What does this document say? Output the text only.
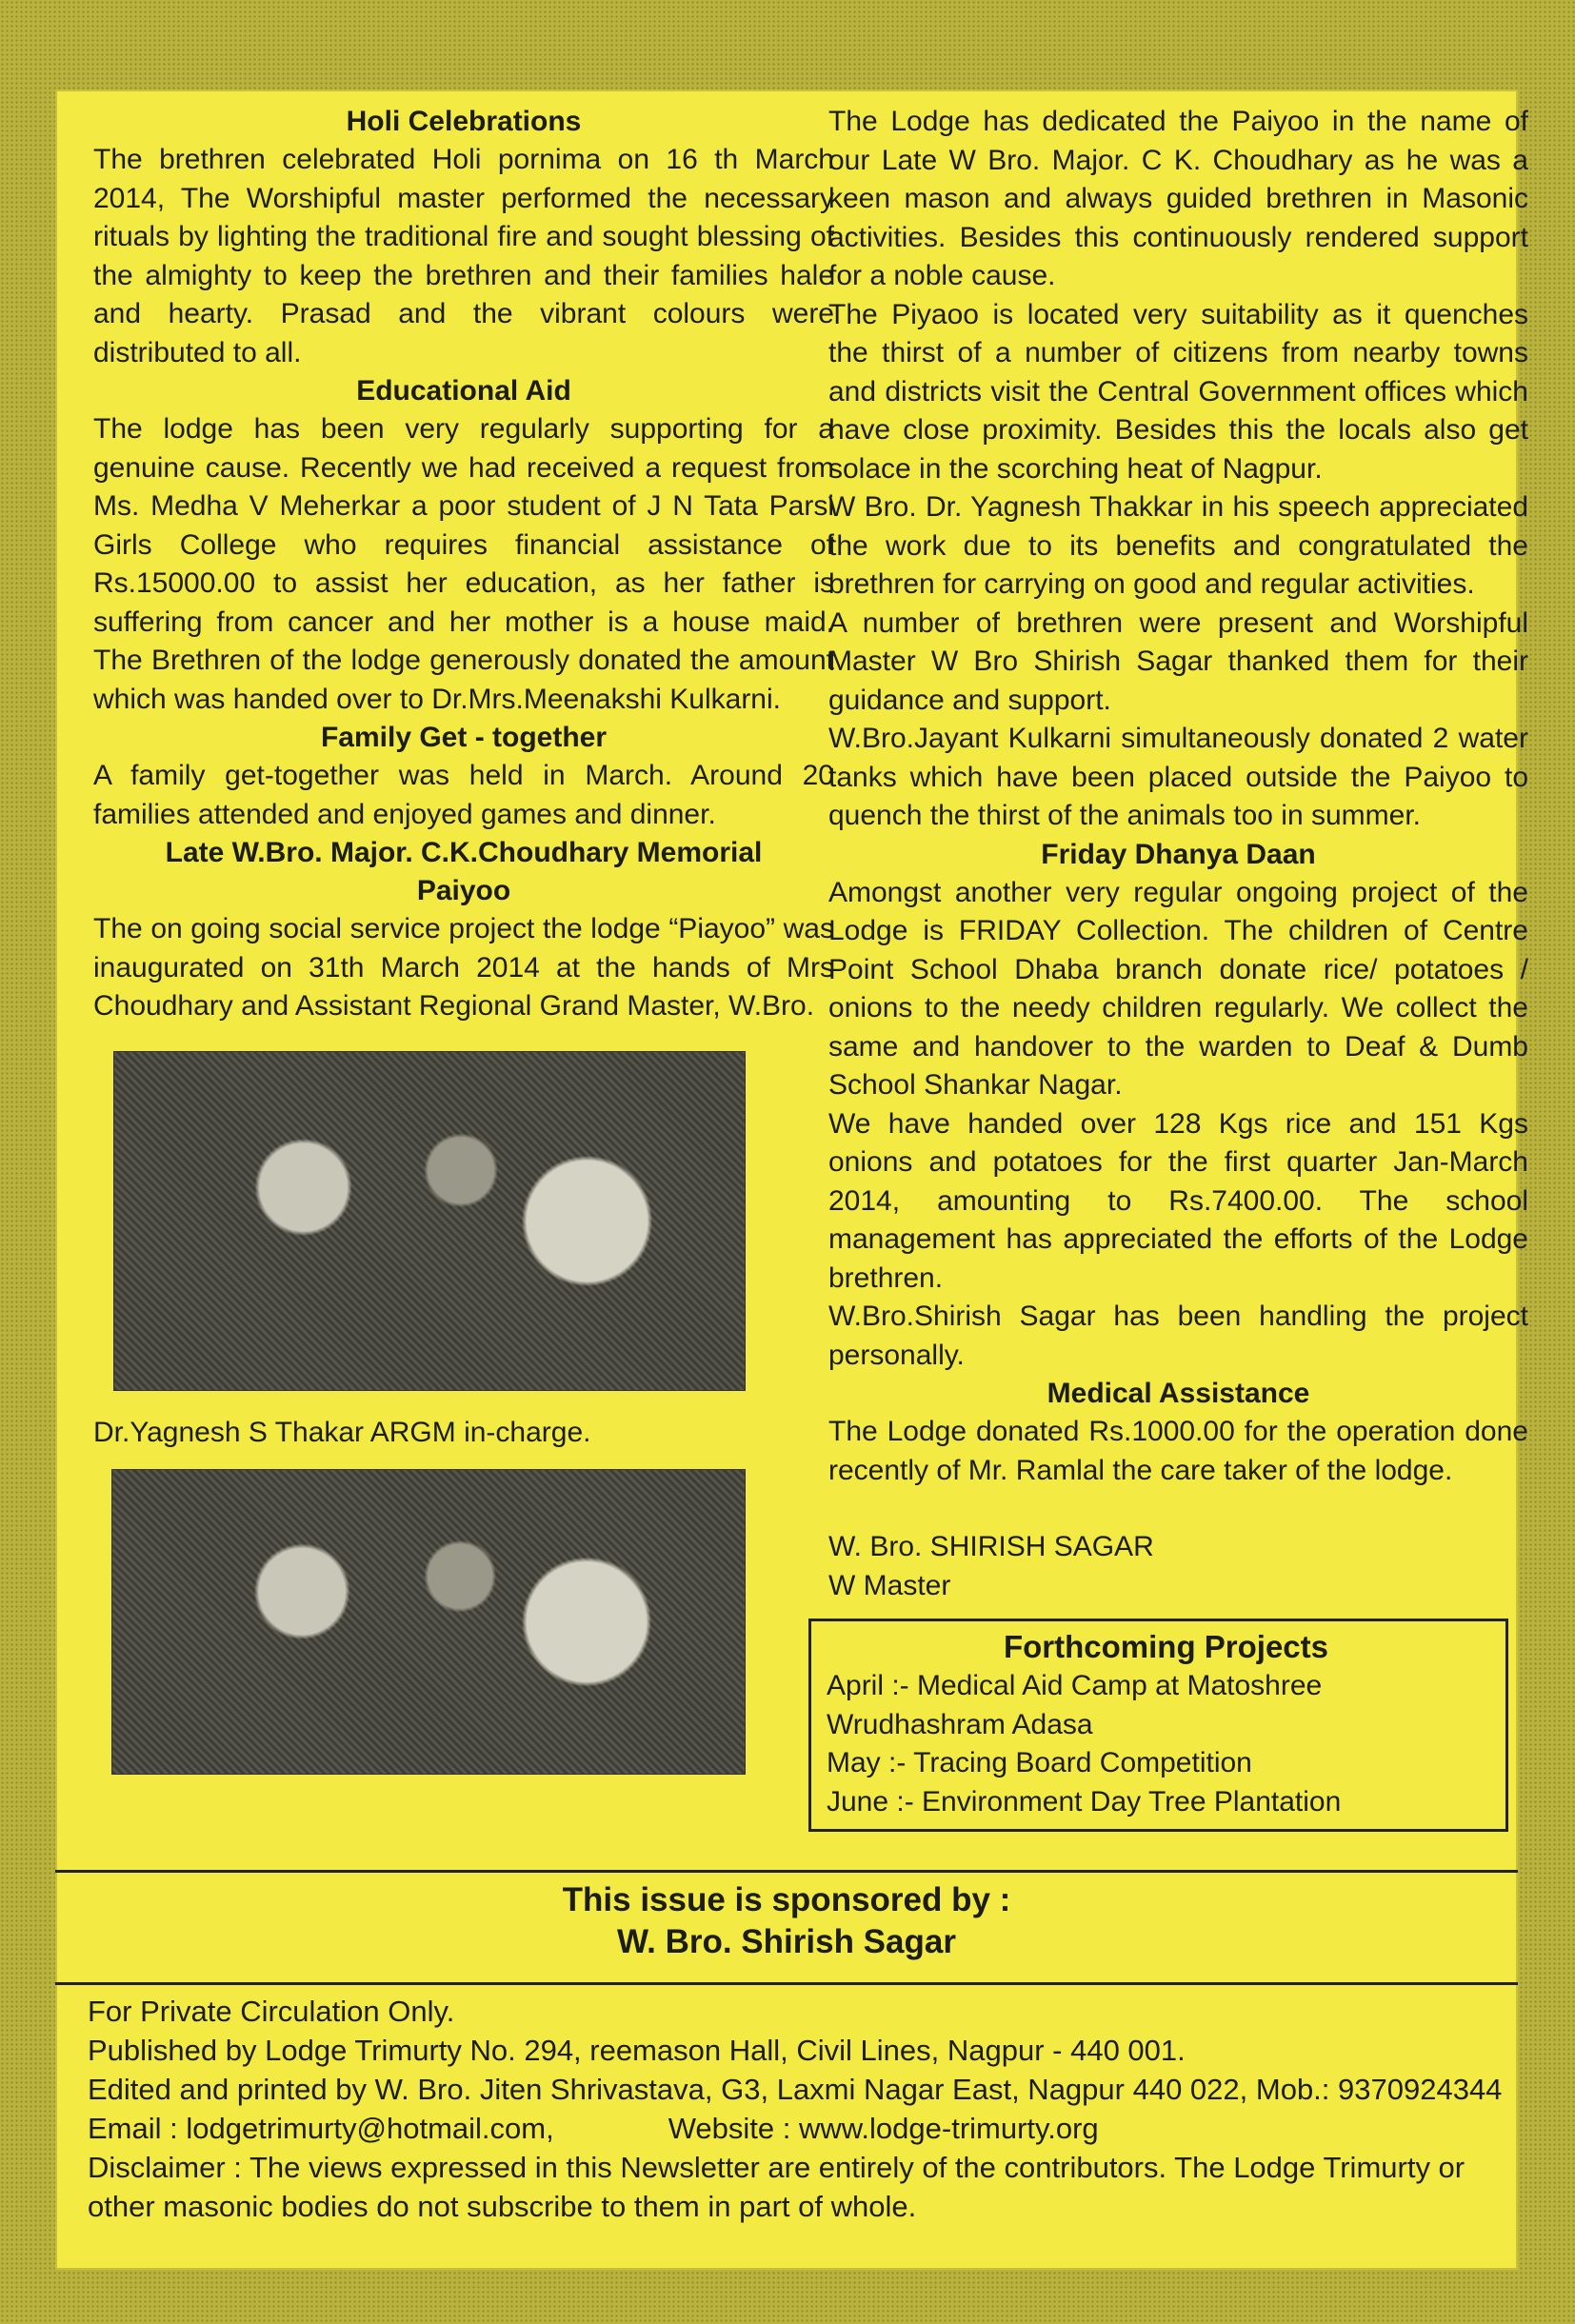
Holi Celebrations

The brethren celebrated Holi pornima on 16 th March 2014, The Worshipful master performed the necessary rituals by lighting the traditional fire and sought blessing of the almighty to keep the brethren and their families hale and hearty. Prasad and the vibrant colours were distributed to all.

Educational Aid

The lodge has been very regularly supporting for a genuine cause. Recently we had received a request from Ms. Medha V Meherkar a poor student of J N Tata Parsi Girls College who requires financial assistance of Rs.15000.00 to assist her education, as her father is suffering from cancer and her mother is a house maid. The Brethren of the lodge generously donated the amount which was handed over to Dr.Mrs.Meenakshi Kulkarni.

Family Get - together

A family get-together was held in March. Around 20 families attended and enjoyed games and dinner.

Late W.Bro. Major. C.K.Choudhary Memorial
Paiyoo

The on going social service project the lodge “Piayoo” was inaugurated on 31th March 2014 at the hands of Mrs Choudhary and Assistant Regional Grand Master, W.Bro.

Dr.Yagnesh S Thakar ARGM in-charge.

The Lodge has dedicated the Paiyoo in the name of our Late W Bro. Major. C K. Choudhary as he was a keen mason and always guided brethren in Masonic activities. Besides this continuously rendered support for a noble cause.

The Piyaoo is located very suitability as it quenches the thirst of a number of citizens from nearby towns and districts visit the Central Government offices which have close proximity. Besides this the locals also get solace in the scorching heat of Nagpur.

W Bro. Dr. Yagnesh Thakkar in his speech appreciated the work due to its benefits and congratulated the brethren for carrying on good and regular activities.

A number of brethren were present and Worshipful Master W Bro Shirish Sagar thanked them for their guidance and support.

W.Bro.Jayant Kulkarni simultaneously donated 2 water tanks which have been placed outside the Paiyoo to quench the thirst of the animals too in summer.

Friday Dhanya Daan

Amongst another very regular ongoing project of the Lodge is FRIDAY Collection. The children of Centre Point School Dhaba branch donate rice/ potatoes / onions to the needy children regularly. We collect the same and handover to the warden to Deaf & Dumb School Shankar Nagar.

We have handed over 128 Kgs rice and 151 Kgs onions and potatoes for the first quarter Jan-March 2014, amounting to Rs.7400.00. The school management has appreciated the efforts of the Lodge brethren.

W.Bro.Shirish Sagar has been handling the project personally.

Medical Assistance

The Lodge donated Rs.1000.00 for the operation done recently of Mr. Ramlal the care taker of the lodge.

W. Bro. SHIRISH SAGAR

W Master

Forthcoming Projects

April :- Medical Aid Camp at Matoshree Wrudhashram Adasa

May :- Tracing Board Competition

June :- Environment Day Tree Plantation

This issue is sponsored by :
W. Bro. Shirish Sagar

For Private Circulation Only.

Published by Lodge Trimurty No. 294, reemason Hall, Civil Lines, Nagpur - 440 001.

Edited and printed by W. Bro. Jiten Shrivastava, G3, Laxmi Nagar East, Nagpur 440 022, Mob.: 9370924344

Email : lodgetrimurty@hotmail.com,	Website : www.lodge-trimurty.org

Disclaimer : The views expressed in this Newsletter are entirely of the contributors. The Lodge Trimurty or other masonic bodies do not subscribe to them in part of whole.
